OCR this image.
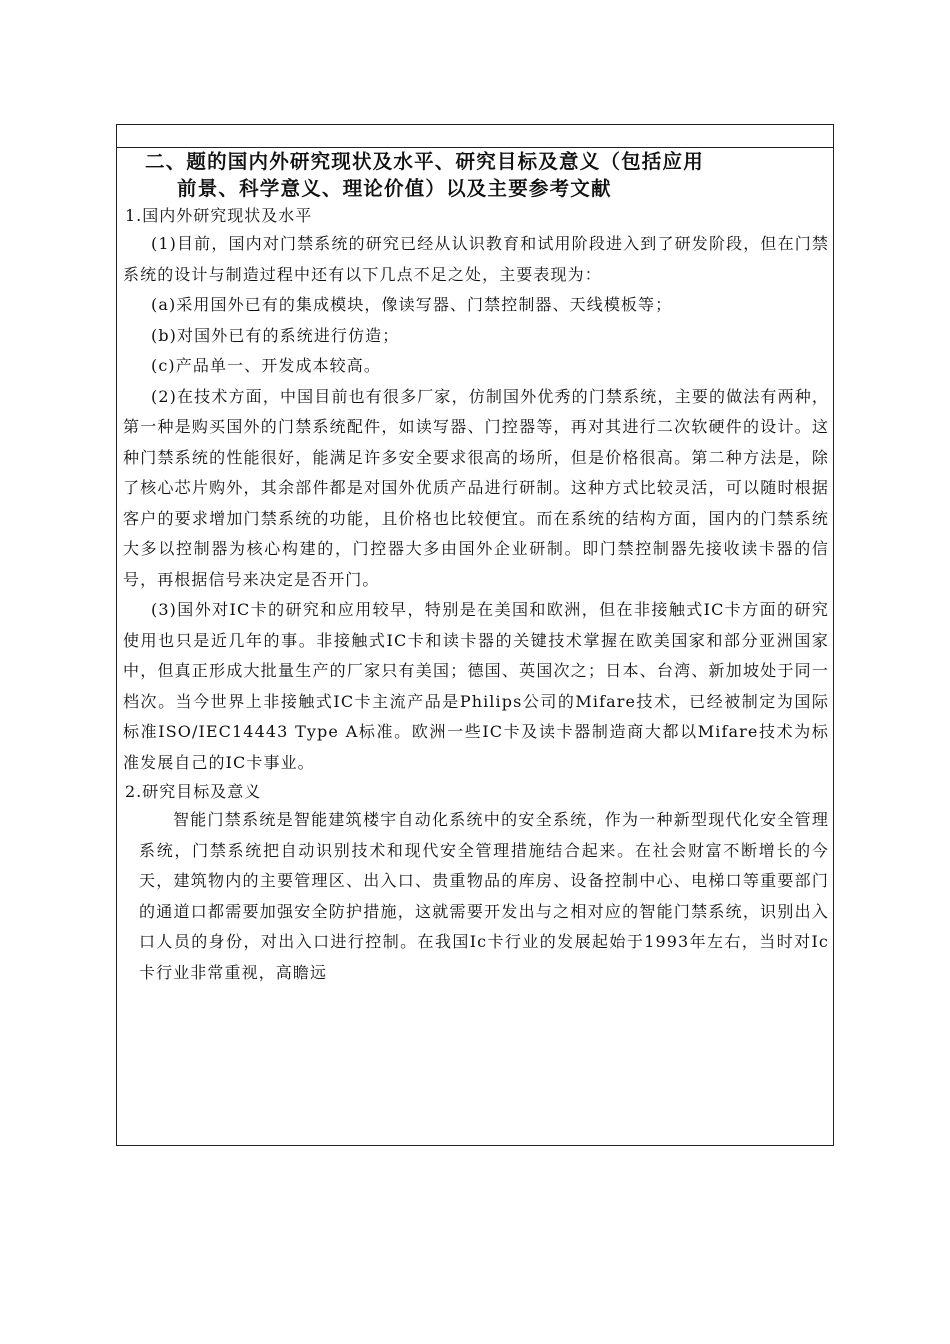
二、题的国内外研究现状及水平、研究目标及意义（包括应用
前景、科学意义、理论价值）以及主要参考文献

1.国内外研究现状及水平

(1)目前，国内对门禁系统的研究已经从认识教育和试用阶段进入到了研发阶段，但在门禁系统的设计与制造过程中还有以下几点不足之处，主要表现为：

(a)采用国外已有的集成模块，像读写器、门禁控制器、天线模板等；

(b)对国外已有的系统进行仿造；

(c)产品单一、开发成本较高。

(2)在技术方面，中国目前也有很多厂家，仿制国外优秀的门禁系统，主要的做法有两种，第一种是购买国外的门禁系统配件，如读写器、门控器等，再对其进行二次软硬件的设计。这种门禁系统的性能很好，能满足许多安全要求很高的场所，但是价格很高。第二种方法是，除了核心芯片购外，其余部件都是对国外优质产品进行研制。这种方式比较灵活，可以随时根据客户的要求增加门禁系统的功能，且价格也比较便宜。而在系统的结构方面，国内的门禁系统大多以控制器为核心构建的，门控器大多由国外企业研制。即门禁控制器先接收读卡器的信号，再根据信号来决定是否开门。

(3)国外对IC卡的研究和应用较早，特别是在美国和欧洲，但在非接触式IC卡方面的研究使用也只是近几年的事。非接触式IC卡和读卡器的关键技术掌握在欧美国家和部分亚洲国家中，但真正形成大批量生产的厂家只有美国；德国、英国次之；日本、台湾、新加坡处于同一档次。当今世界上非接触式IC卡主流产品是Philips公司的Mifare技术，已经被制定为国际标准ISO/IEC14443 Type A标准。欧洲一些IC卡及读卡器制造商大都以Mifare技术为标准发展自己的IC卡事业。

2.研究目标及意义

智能门禁系统是智能建筑楼宇自动化系统中的安全系统，作为一种新型现代化安全管理系统，门禁系统把自动识别技术和现代安全管理措施结合起来。在社会财富不断增长的今天，建筑物内的主要管理区、出入口、贵重物品的库房、设备控制中心、电梯口等重要部门的通道口都需要加强安全防护措施，这就需要开发出与之相对应的智能门禁系统，识别出入口人员的身份，对出入口进行控制。在我国Ic卡行业的发展起始于1993年左右，当时对Ic卡行业非常重视，高瞻远
